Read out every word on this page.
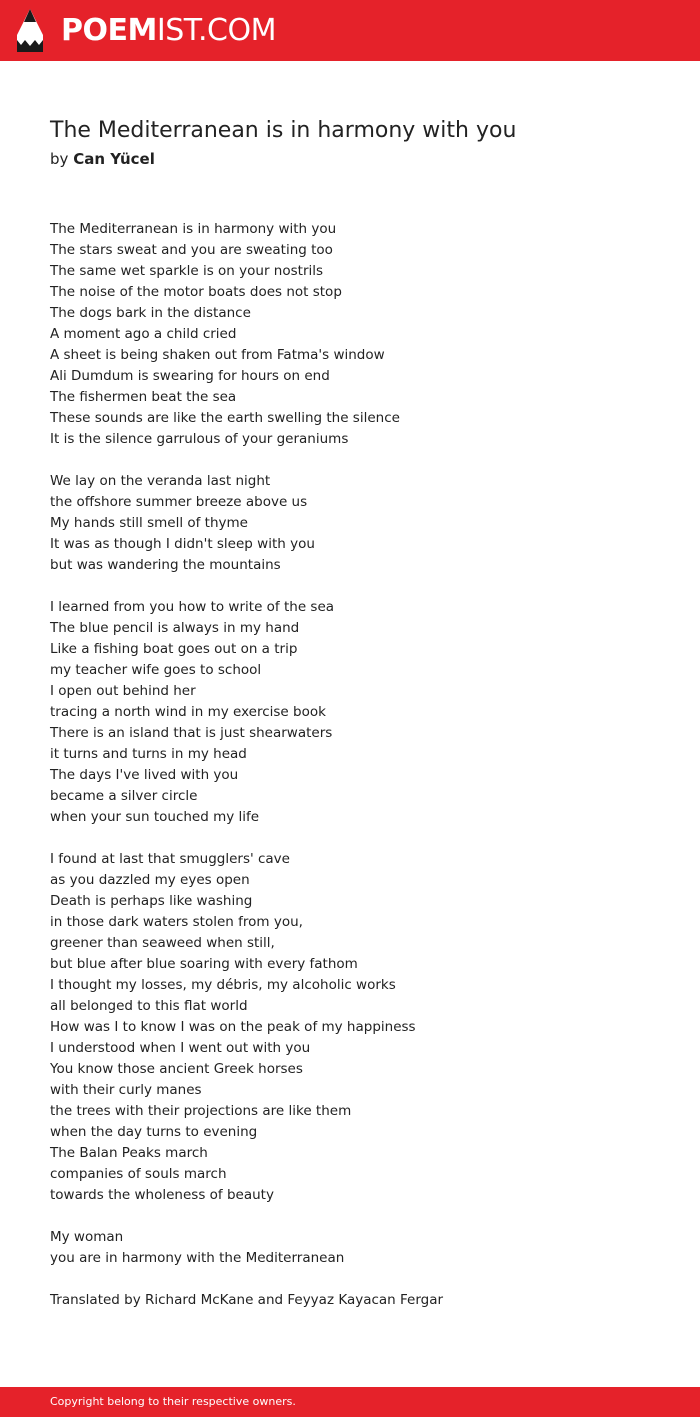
POEMIST.COM
The Mediterranean is in harmony with you
by Can Yücel
The Mediterranean is in harmony with you
The stars sweat and you are sweating too
The same wet sparkle is on your nostrils
The noise of the motor boats does not stop
The dogs bark in the distance
A moment ago a child cried
A sheet is being shaken out from Fatma's window
Ali Dumdum is swearing for hours on end
The fishermen beat the sea
These sounds are like the earth swelling the silence
It is the silence garrulous of your geraniums
We lay on the veranda last night
the offshore summer breeze above us
My hands still smell of thyme
It was as though I didn't sleep with you
but was wandering the mountains
I learned from you how to write of the sea
The blue pencil is always in my hand
Like a fishing boat goes out on a trip
my teacher wife goes to school
I open out behind her
tracing a north wind in my exercise book
There is an island that is just shearwaters
it turns and turns in my head
The days I've lived with you
became a silver circle
when your sun touched my life
I found at last that smugglers' cave
as you dazzled my eyes open
Death is perhaps like washing
in those dark waters stolen from you,
greener than seaweed when still,
but blue after blue soaring with every fathom
I thought my losses, my débris, my alcoholic works
all belonged to this flat world
How was I to know I was on the peak of my happiness
I understood when I went out with you
You know those ancient Greek horses
with their curly manes
the trees with their projections are like them
when the day turns to evening
The Balan Peaks march
companies of souls march
towards the wholeness of beauty
My woman
you are in harmony with the Mediterranean
Translated by Richard McKane and Feyyaz Kayacan Fergar
Copyright belong to their respective owners.
